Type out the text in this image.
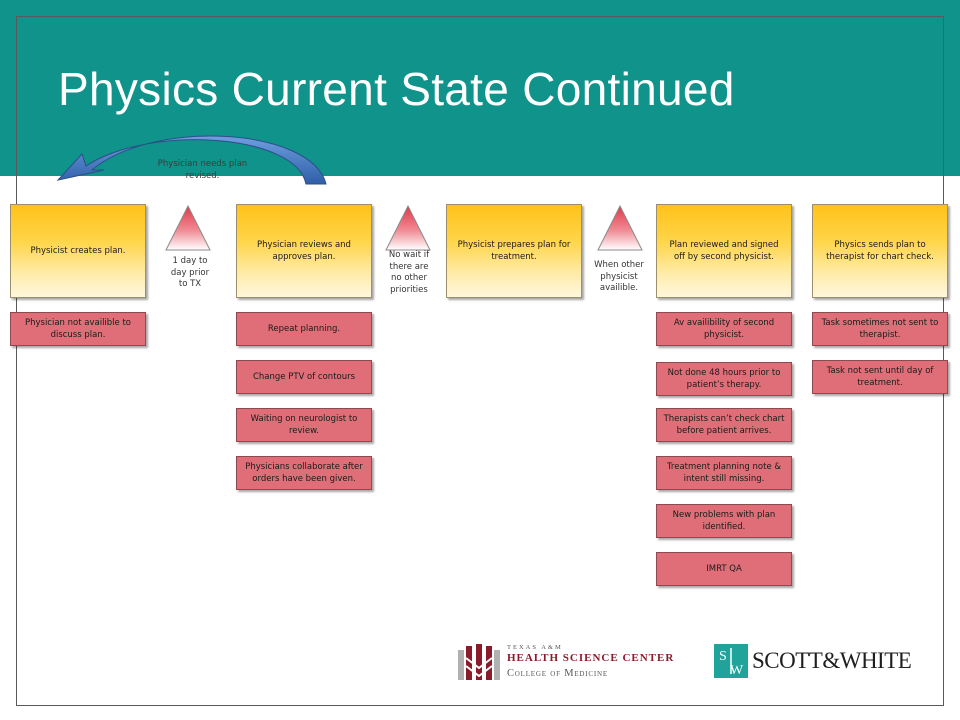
Physics Current State Continued
Physician needs plan revised.
Physicist creates plan.
Physician reviews and approves plan.
Physicist prepares plan for treatment.
Plan reviewed and signed off by second physicist.
Physics sends plan to therapist for chart check.
1 day to day prior to TX
No wait if there are no other priorities
When other physicist availible.
Physician not availible to discuss plan.
Repeat planning.
Change PTV of contours
Waiting on neurologist to review.
Physicians collaborate after orders have been given.
Av availibility of second physicist.
Not done 48 hours prior to patient’s therapy.
Therapists can’t check chart before patient arrives.
Treatment planning note & intent still missing.
New problems with plan identified.
IMRT QA
Task sometimes not sent to therapist.
Task not sent until day of treatment.
TEXAS A&M
HEALTH SCIENCE CENTER
College of Medicine
S
W SCOTT&WHITE
